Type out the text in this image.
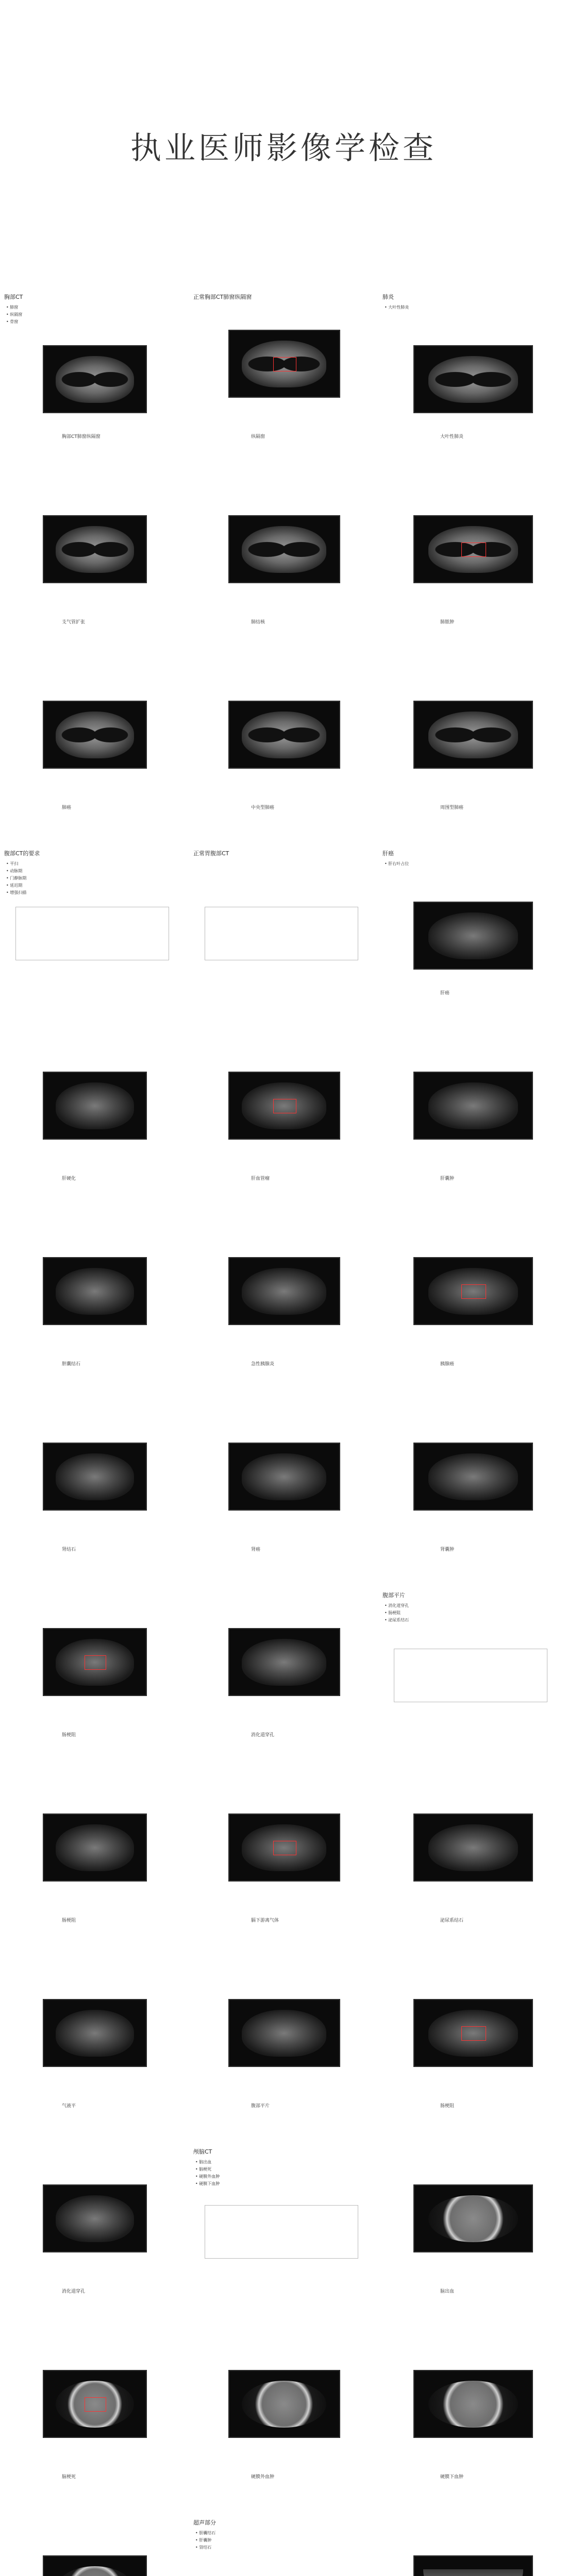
执业医师影像学检查
胸部CT
• 肺窗
• 纵隔窗
• 骨窗
胸部CT肺窗纵隔窗
正常胸部CT肺窗纵隔窗
纵隔窗
肺炎
• 大叶性肺炎
大叶性肺炎
支气管扩张	肺结核	肺脓肿
肺癌	中央型肺癌	周围型肺癌
腹部CT的要求
• 平扫
• 动脉期
• 门静脉期
• 延迟期
• 增强扫描
正常胃腹部CT	肝癌
• 肝右叶占位
肝癌
肝硬化	肝血管瘤	肝囊肿
胆囊结石	急性胰腺炎	胰腺癌
肾结石	肾癌	肾囊肿
肠梗阻	消化道穿孔
腹部平片
• 消化道穿孔
• 肠梗阻
• 泌尿系结石
肠梗阻	膈下游离气体	泌尿系结石
气液平	腹部平片	肠梗阻
消化道穿孔
颅脑CT
• 脑出血
• 脑梗死
• 硬膜外血肿
• 硬膜下血肿
脑出血
脑梗死	硬膜外血肿	硬膜下血肿
超声部分
• 胆囊结石
• 肝囊肿
• 肾结石
